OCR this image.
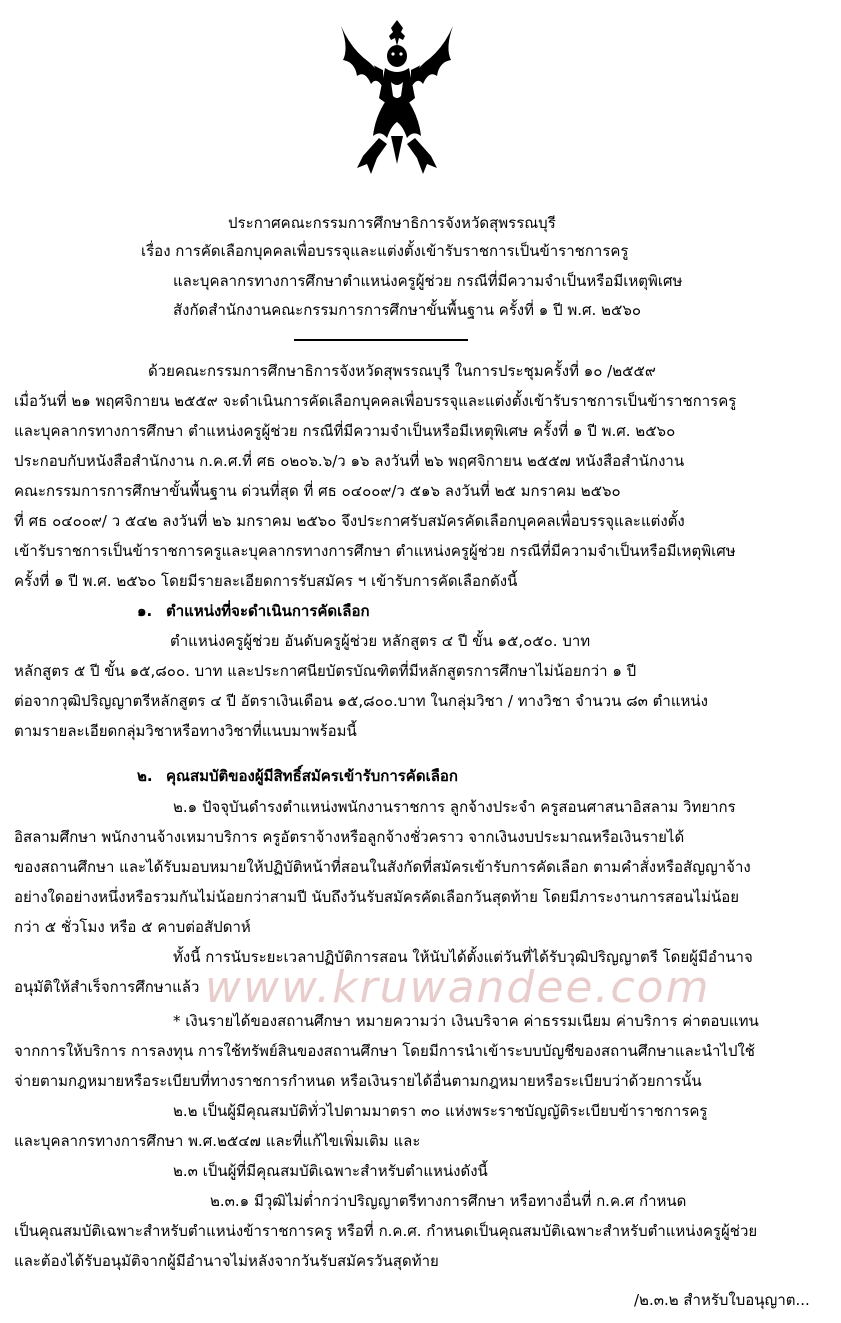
ประกาศคณะกรรมการศึกษาธิการจังหวัดสุพรรณบุรี
เรื่อง การคัดเลือกบุคคลเพื่อบรรจุและแต่งตั้งเข้ารับราชการเป็นข้าราชการครู
และบุคลากรทางการศึกษาตำแหน่งครูผู้ช่วย กรณีที่มีความจำเป็นหรือมีเหตุพิเศษ
สังกัดสำนักงานคณะกรรมการการศึกษาขั้นพื้นฐาน ครั้งที่ ๑ ปี พ.ศ. ๒๕๖๐
ด้วยคณะกรรมการศึกษาธิการจังหวัดสุพรรณบุรี ในการประชุมครั้งที่ ๑๐ /๒๕๕๙
เมื่อวันที่ ๒๑ พฤศจิกายน ๒๕๕๙ จะดำเนินการคัดเลือกบุคคลเพื่อบรรจุและแต่งตั้งเข้ารับราชการเป็นข้าราชการครู
และบุคลากรทางการศึกษา ตำแหน่งครูผู้ช่วย กรณีที่มีความจำเป็นหรือมีเหตุพิเศษ ครั้งที่ ๑ ปี พ.ศ. ๒๕๖๐
ประกอบกับหนังสือสำนักงาน ก.ค.ศ.ที่ ศธ ๐๒๐๖.๖/ว ๑๖ ลงวันที่ ๒๖ พฤศจิกายน ๒๕๕๗ หนังสือสำนักงาน
คณะกรรมการการศึกษาขั้นพื้นฐาน ด่วนที่สุด ที่ ศธ ๐๔๐๐๙/ว ๕๑๖ ลงวันที่ ๒๕ มกราคม ๒๕๖๐
ที่ ศธ ๐๔๐๐๙/ ว ๕๔๒ ลงวันที่ ๒๖ มกราคม ๒๕๖๐ จึงประกาศรับสมัครคัดเลือกบุคคลเพื่อบรรจุและแต่งตั้ง
เข้ารับราชการเป็นข้าราชการครูและบุคลากรทางการศึกษา ตำแหน่งครูผู้ช่วย กรณีที่มีความจำเป็นหรือมีเหตุพิเศษ
ครั้งที่ ๑ ปี พ.ศ. ๒๕๖๐ โดยมีรายละเอียดการรับสมัคร ฯ เข้ารับการคัดเลือกดังนี้
๑. ตำแหน่งที่จะดำเนินการคัดเลือก
ตำแหน่งครูผู้ช่วย อันดับครูผู้ช่วย หลักสูตร ๔ ปี ขั้น ๑๕,๐๕๐. บาท
หลักสูตร ๕ ปี ขั้น ๑๕,๘๐๐. บาท และประกาศนียบัตรบัณฑิตที่มีหลักสูตรการศึกษาไม่น้อยกว่า ๑ ปี
ต่อจากวุฒิปริญญาตรีหลักสูตร ๔ ปี อัตราเงินเดือน ๑๕,๘๐๐.บาท ในกลุ่มวิชา / ทางวิชา จำนวน ๘๓ ตำแหน่ง
ตามรายละเอียดกลุ่มวิชาหรือทางวิชาที่แนบมาพร้อมนี้
๒. คุณสมบัติของผู้มีสิทธิ์สมัครเข้ารับการคัดเลือก
๒.๑ ปัจจุบันดำรงตำแหน่งพนักงานราชการ ลูกจ้างประจำ ครูสอนศาสนาอิสลาม วิทยากร
อิสลามศึกษา พนักงานจ้างเหมาบริการ ครูอัตราจ้างหรือลูกจ้างชั่วคราว จากเงินงบประมาณหรือเงินรายได้
ของสถานศึกษา และได้รับมอบหมายให้ปฏิบัติหน้าที่สอนในสังกัดที่สมัครเข้ารับการคัดเลือก ตามคำสั่งหรือสัญญาจ้าง
อย่างใดอย่างหนึ่งหรือรวมกันไม่น้อยกว่าสามปี นับถึงวันรับสมัครคัดเลือกวันสุดท้าย โดยมีภาระงานการสอนไม่น้อย
กว่า ๕ ชั่วโมง หรือ ๕ คาบต่อสัปดาห์
ทั้งนี้ การนับระยะเวลาปฏิบัติการสอน ให้นับได้ตั้งแต่วันที่ได้รับวุฒิปริญญาตรี โดยผู้มีอำนาจ
อนุมัติให้สำเร็จการศึกษาแล้ว www.kruwandee.com
* เงินรายได้ของสถานศึกษา หมายความว่า เงินบริจาค ค่าธรรมเนียม ค่าบริการ ค่าตอบแทน
จากการให้บริการ การลงทุน การใช้ทรัพย์สินของสถานศึกษา โดยมีการนำเข้าระบบบัญชีของสถานศึกษาและนำไปใช้
จ่ายตามกฎหมายหรือระเบียบที่ทางราชการกำหนด หรือเงินรายได้อื่นตามกฎหมายหรือระเบียบว่าด้วยการนั้น
๒.๒ เป็นผู้มีคุณสมบัติทั่วไปตามมาตรา ๓๐ แห่งพระราชบัญญัติระเบียบข้าราชการครู
และบุคลากรทางการศึกษา พ.ศ.๒๕๔๗ และที่แก้ไขเพิ่มเติม และ
๒.๓ เป็นผู้ที่มีคุณสมบัติเฉพาะสำหรับตำแหน่งดังนี้
๒.๓.๑ มีวุฒิไม่ต่ำกว่าปริญญาตรีทางการศึกษา หรือทางอื่นที่ ก.ค.ศ กำหนด
เป็นคุณสมบัติเฉพาะสำหรับตำแหน่งข้าราชการครู หรือที่ ก.ค.ศ. กำหนดเป็นคุณสมบัติเฉพาะสำหรับตำแหน่งครูผู้ช่วย
และต้องได้รับอนุมัติจากผู้มีอำนาจไม่หลังจากวันรับสมัครวันสุดท้าย
/๒.๓.๒ สำหรับใบอนุญาต...
